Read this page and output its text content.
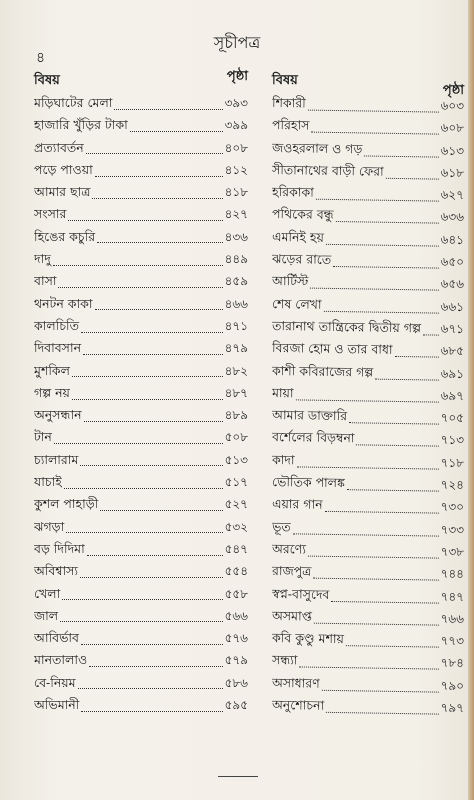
৪
সূচীপত্র
বিষয়	পৃষ্ঠা
মড়িঘাটের মেলা	৩৯৩
হাজারি খুঁড়ির টাকা	৩৯৯
প্রত্যাবর্তন	৪০৮
পড়ে পাওয়া	৪১২
আমার ছাত্র	৪১৮
সংসার	৪২৭
হিঙের কচুরি	৪৩৬
দাদু	৪৪৯
বাসা	৪৫৯
থনটন কাকা	৪৬৬
কালচিতি	৪৭১
দিবাবসান	৪৭৯
মুশকিল	৪৮২
গল্প নয়	৪৮৭
অনুসন্ধান	৪৮৯
টান	৫০৮
চ্যালারাম	৫১৩
যাচাই	৫১৭
কুশল পাহাড়ী	৫২৭
ঝগড়া	৫৩২
বড় দিদিমা	৫৪৭
অবিশ্বাস্য	৫৫৪
খেলা	৫৫৮
জাল	৫৬৬
আবির্ভাব	৫৭৬
মানতালাও	৫৭৯
বে-নিয়ম	৫৮৬
অভিমানী	৫৯৫
বিষয়
পৃষ্ঠা
শিকারী	৬০৩
পরিহাস	৬০৮
জওহরলাল ও গড়	৬১৩
সীতানাথের বাড়ী ফেরা	৬১৮
হরিকাকা	৬২৭
পথিকের বন্ধু	৬৩৬
এমনিই হয়	৬৪১
ঝড়ের রাতে	৬৫০
আর্টিস্ট	৬৫৬
শেষ লেখা	৬৬১
তারানাথ তান্ত্রিকের দ্বিতীয় গল্প ৬৭১
বিরজা হোম ও তার বাধা	৬৮৫
কাশী কবিরাজের গল্প	৬৯১
মায়া	৬৯৭
আমার ডাক্তারি	৭০৫
বর্শেলের বিড়ম্বনা	৭১৩
কাদা	৭১৮
ভৌতিক পালঙ্ক	৭২৪
এয়ার গান	৭৩০
ভূত	৭৩৩
অরণ্যে	৭৩৮
রাজপুত্র	৭৪৪
স্বপ্ন-বাসুদেব	৭৪৭
অসমাপ্ত	৭৬৬
কবি কুণ্ডু মশায়	৭৭৩
সন্ধ্যা	৭৮৪
অসাধারণ	৭৯০
অনুশোচনা	৭৯৭
